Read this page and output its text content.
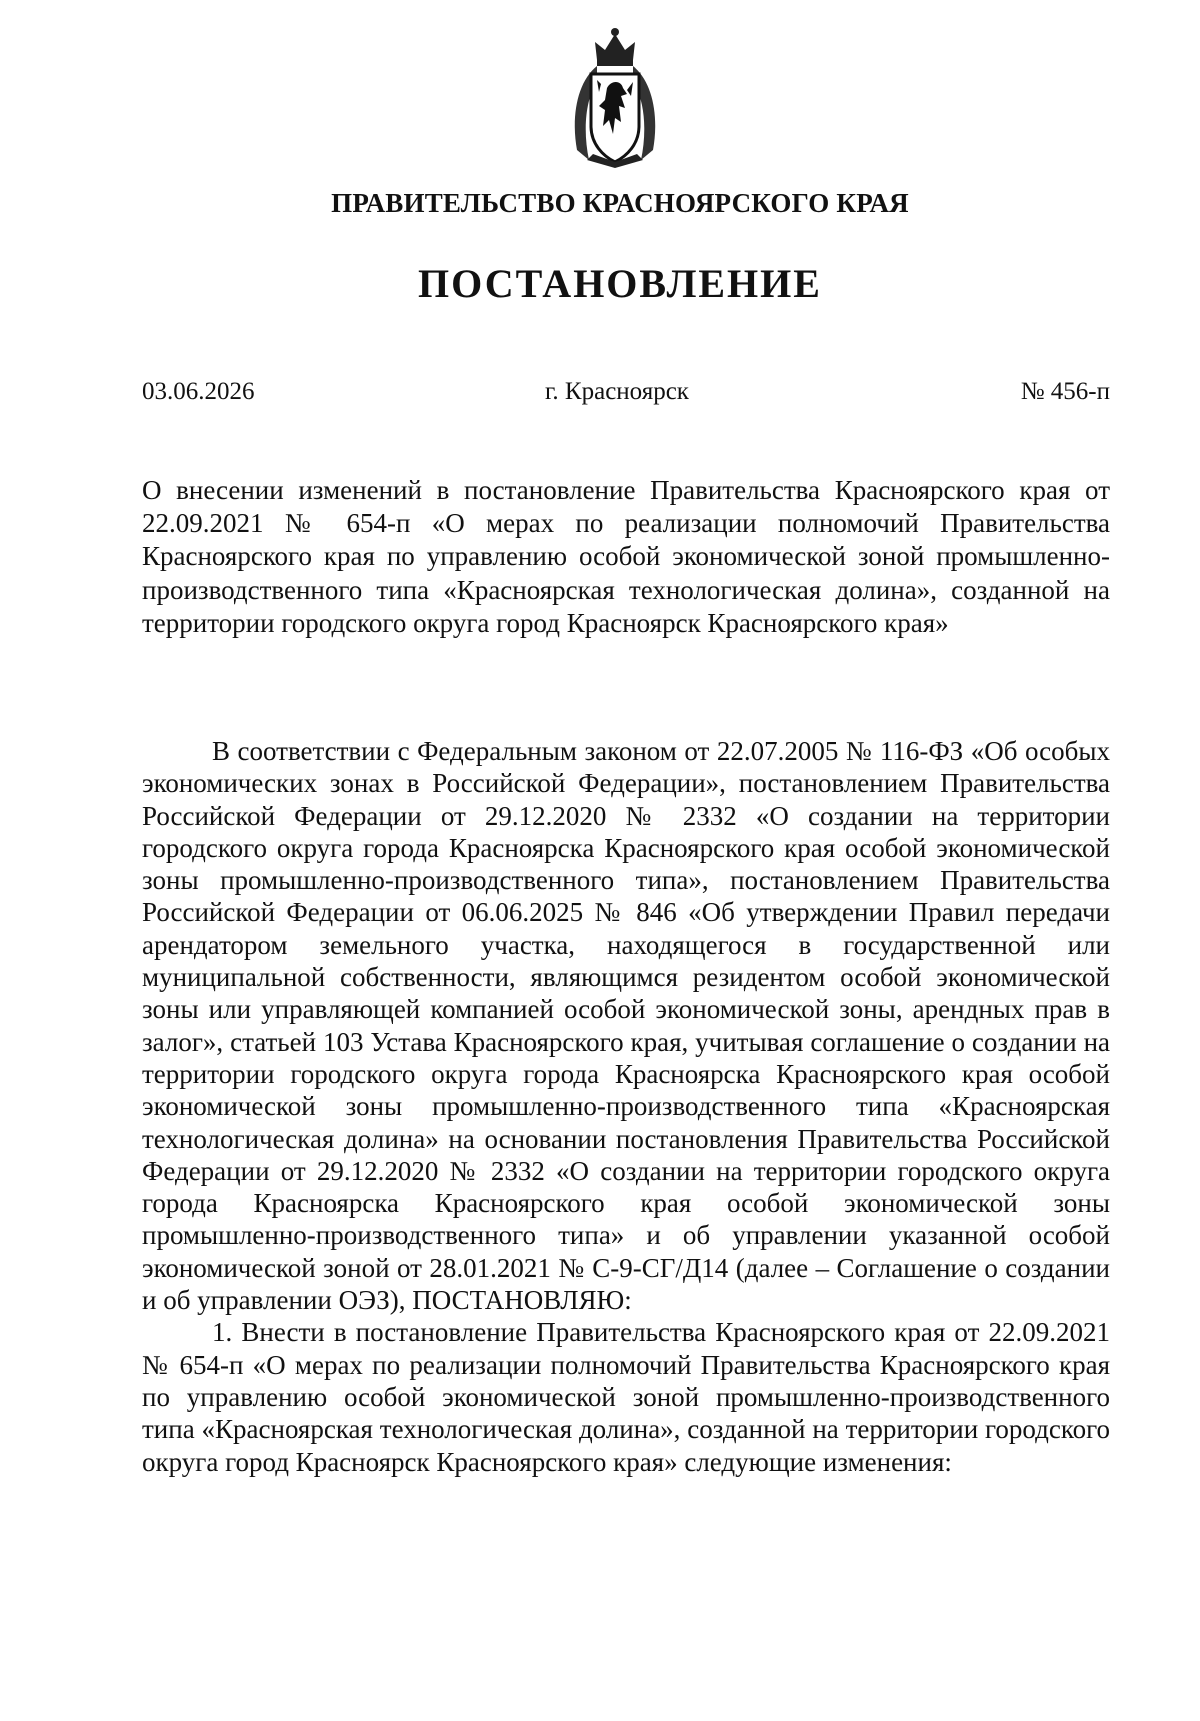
ПРАВИТЕЛЬСТВО КРАСНОЯРСКОГО КРАЯ
ПОСТАНОВЛЕНИЕ
03.06.2026	г. Красноярск	№ 456-п
О внесении изменений в постановление Правительства Красноярского края от 22.09.2021 № 654-п «О мерах по реализации полномочий Правительства Красноярского края по управлению особой экономической зоной промышленно-производственного типа «Красноярская технологическая долина», созданной на территории городского округа город Красноярск Красноярского края»

В соответствии с Федеральным законом от 22.07.2005 № 116-ФЗ «Об особых экономических зонах в Российской Федерации», постановлением Правительства Российской Федерации от 29.12.2020 № 2332 «О создании на территории городского округа города Красноярска Красноярского края особой экономической зоны промышленно-производственного типа», постановлением Правительства Российской Федерации от 06.06.2025 № 846 «Об утверждении Правил передачи арендатором земельного участка, находящегося в государственной или муниципальной собственности, являющимся резидентом особой экономической зоны или управляющей компанией особой экономической зоны, арендных прав в залог», статьей 103 Устава Красноярского края, учитывая соглашение о создании на территории городского округа города Красноярска Красноярского края особой экономической зоны промышленно-производственного типа «Красноярская технологическая долина» на основании постановления Правительства Российской Федерации от 29.12.2020 № 2332 «О создании на территории городского округа города Красноярска Красноярского края особой экономической зоны промышленно-производственного типа» и об управлении указанной особой экономической зоной от 28.01.2021 № С-9-СГ/Д14 (далее – Соглашение о создании и об управлении ОЭЗ), ПОСТАНОВЛЯЮ:

1. Внести в постановление Правительства Красноярского края от 22.09.2021 № 654-п «О мерах по реализации полномочий Правительства Красноярского края по управлению особой экономической зоной промышленно-производственного типа «Красноярская технологическая долина», созданной на территории городского округа город Красноярск Красноярского края» следующие изменения:
